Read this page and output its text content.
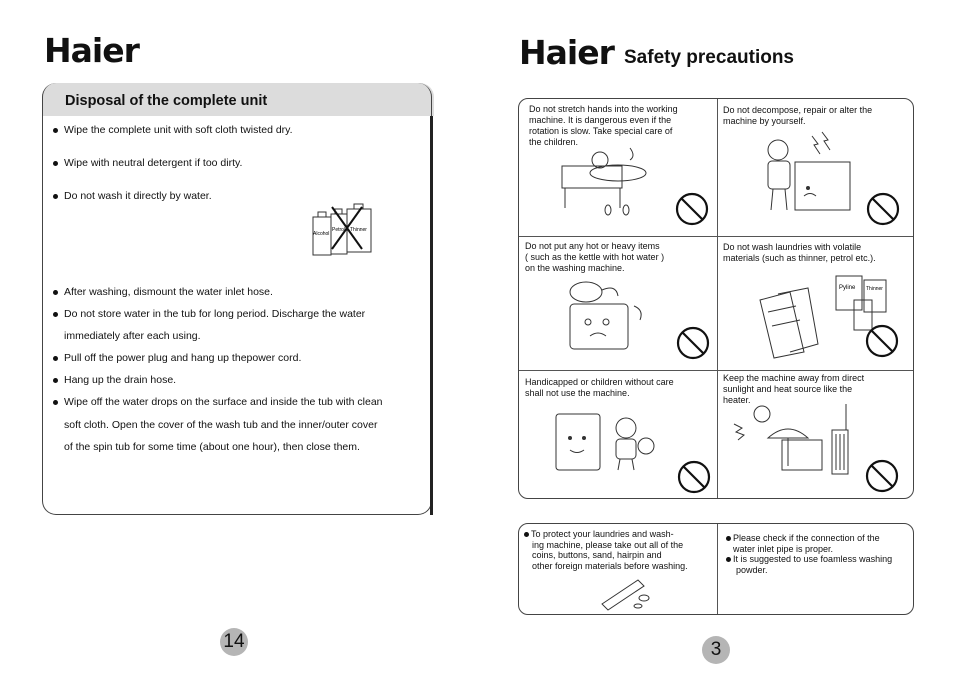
Haier
Disposal of the complete unit
Wipe the complete unit with soft cloth twisted dry.
Wipe with neutral detergent if too dirty.
Do not wash it directly by water.
Alcohol
Petrol Thinner
After washing, dismount the water inlet hose.
Do not store water in the tub for long period. Discharge the water
immediately after each using.
Pull off the power plug and hang up thepower cord.
Hang up the drain hose.
Wipe off the water drops on the surface and inside the tub with clean
soft cloth. Open the cover of the wash tub and the inner/outer cover
of the spin tub for some time (about one hour), then close them.
14
Haier Safety precautions
Do not stretch hands into the working
machine. It is dangerous even if the
rotation is slow. Take special care of
the children.
Do not decompose, repair or alter the
machine by yourself.
Do not put any hot or heavy items
( such as the kettle with hot water )
on the washing machine.
Do not wash laundries with volatile
materials (such as thinner, petrol etc.).
Handicapped or children without care
shall not use the machine.
Keep the machine away from direct
sunlight and heat source like the
heater.
Pyline Thinner
To protect your laundries and wash-
ing machine, please take out all of the
coins, buttons, sand, hairpin and
other foreign materials before washing.
Please check if the connection of the
water inlet pipe is proper.
It is suggested to use foamless washing
powder.
3
